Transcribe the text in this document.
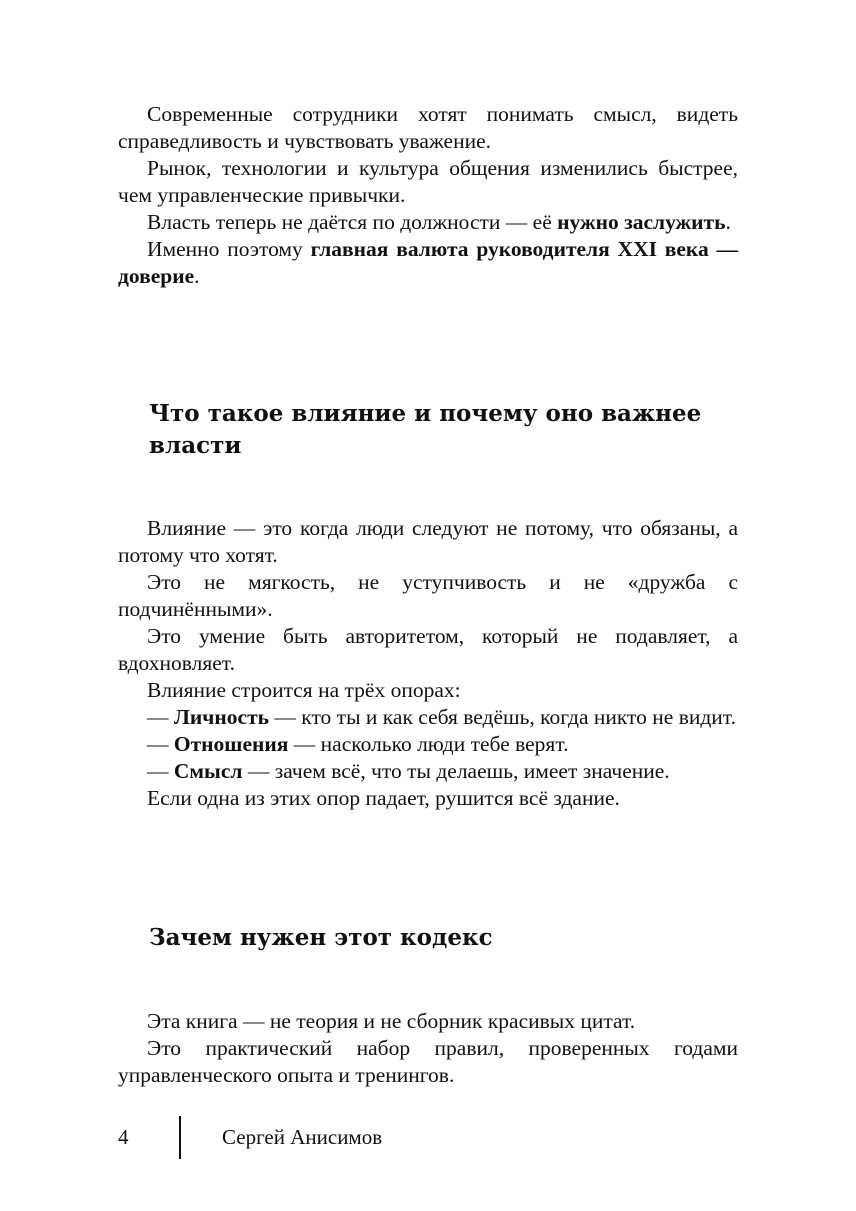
Современные сотрудники хотят понимать смысл, видеть справедливость и чувствовать уважение.

Рынок, технологии и культура общения изменились быстрее, чем управленческие привычки.

Власть теперь не даётся по должности — её нужно заслужить.

Именно поэтому главная валюта руководителя XXI века — доверие.

Что такое влияние и почему оно важнее власти

Влияние — это когда люди следуют не потому, что обязаны, а потому что хотят.

Это не мягкость, не уступчивость и не «дружба с подчинёнными».

Это умение быть авторитетом, который не подавляет, а вдохновляет.

Влияние строится на трёх опорах:

— Личность — кто ты и как себя ведёшь, когда никто не видит.

— Отношения — насколько люди тебе верят.

— Смысл — зачем всё, что ты делаешь, имеет значение.

Если одна из этих опор падает, рушится всё здание.

Зачем нужен этот кодекс

Эта книга — не теория и не сборник красивых цитат.

Это практический набор правил, проверенных годами управленческого опыта и тренингов.

4	Сергей Анисимов
